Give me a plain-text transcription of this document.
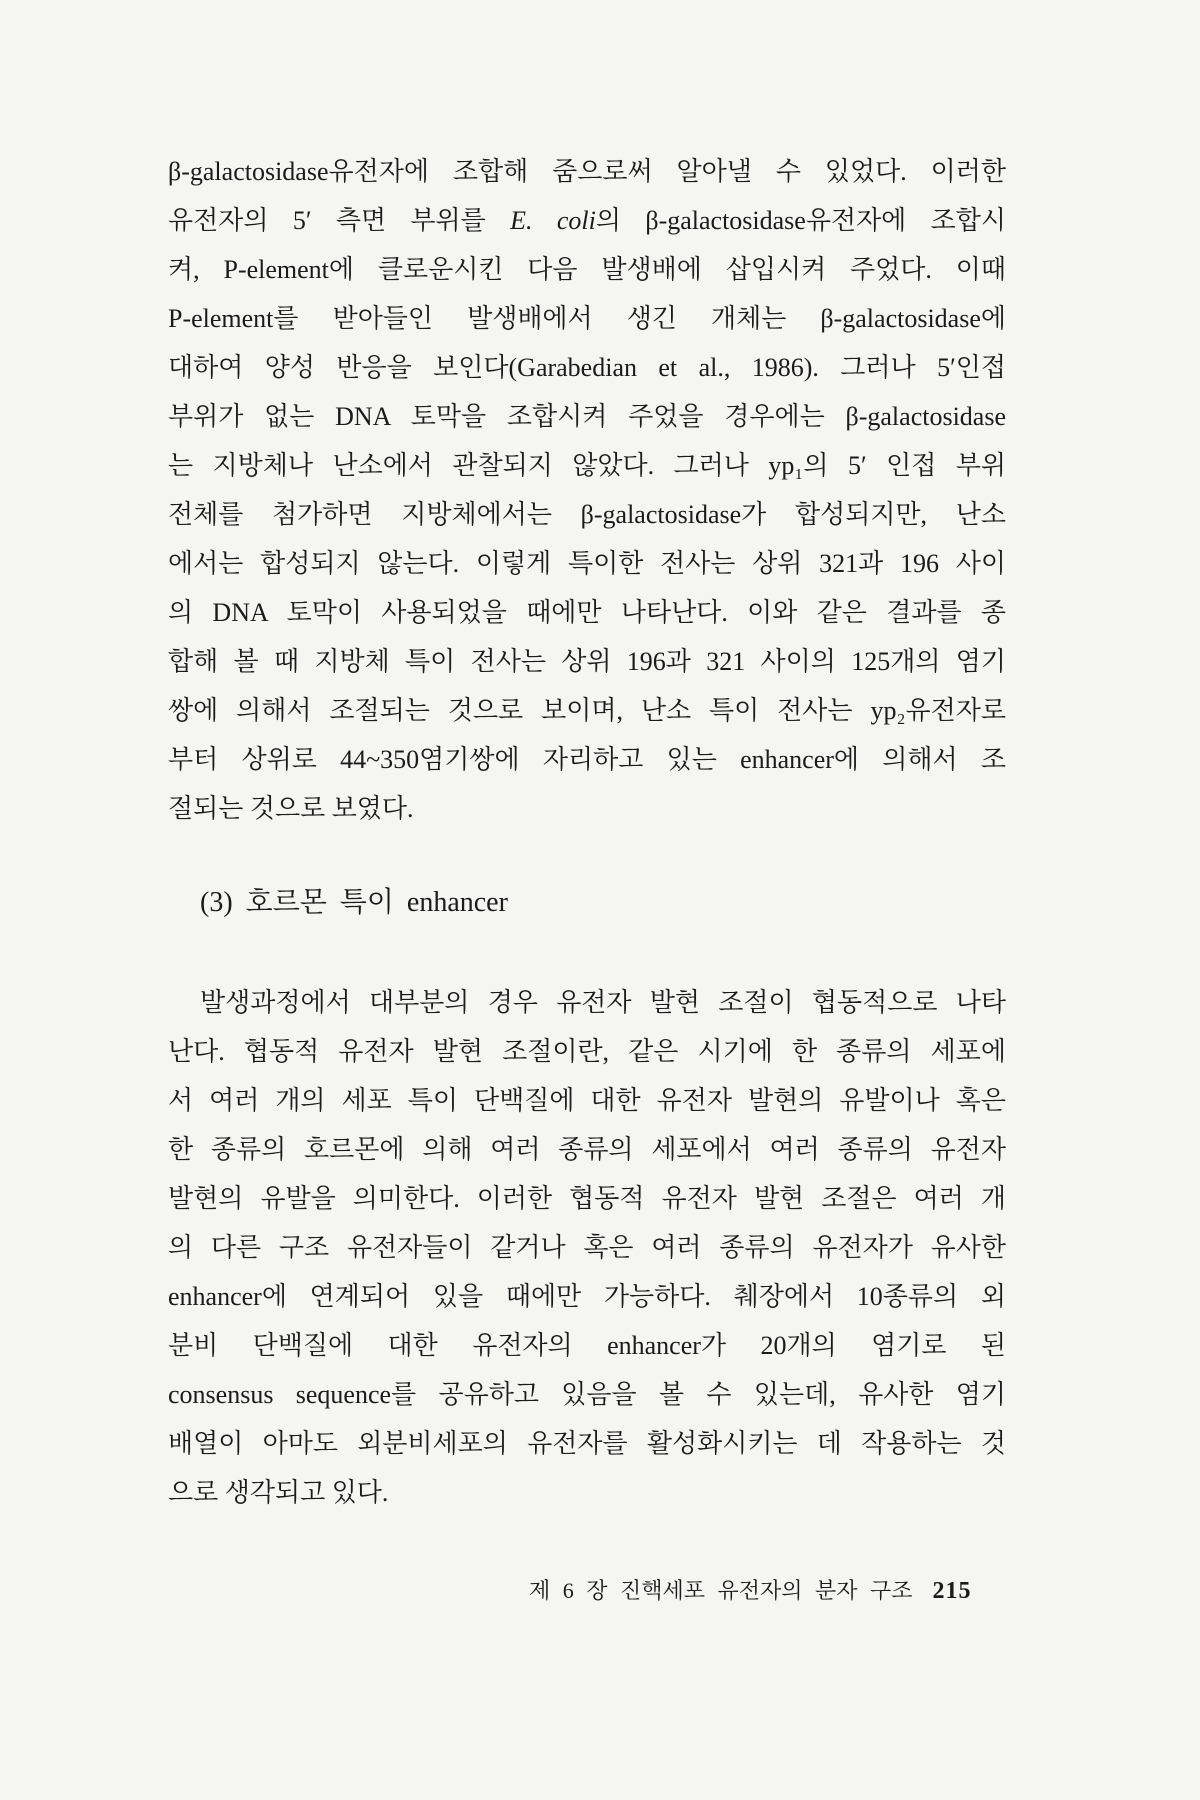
β-galactosidase유전자에 조합해 줌으로써 알아낼 수 있었다. 이러한
유전자의 5′ 측면 부위를 E. coli의 β-galactosidase유전자에 조합시
켜, P-element에 클로운시킨 다음 발생배에 삽입시켜 주었다. 이때
P-element를 받아들인 발생배에서 생긴 개체는 β-galactosidase에
대하여 양성 반응을 보인다(Garabedian et al., 1986). 그러나 5′인접
부위가 없는 DNA 토막을 조합시켜 주었을 경우에는 β-galactosidase
는 지방체나 난소에서 관찰되지 않았다. 그러나 yp₁의 5′ 인접 부위
전체를 첨가하면 지방체에서는 β-galactosidase가 합성되지만, 난소
에서는 합성되지 않는다. 이렇게 특이한 전사는 상위 321과 196 사이
의 DNA 토막이 사용되었을 때에만 나타난다. 이와 같은 결과를 종
합해 볼 때 지방체 특이 전사는 상위 196과 321 사이의 125개의 염기
쌍에 의해서 조절되는 것으로 보이며, 난소 특이 전사는 yp₂유전자로
부터 상위로 44~350염기쌍에 자리하고 있는 enhancer에 의해서 조
절되는 것으로 보였다.
(3) 호르몬 특이 enhancer
발생과정에서 대부분의 경우 유전자 발현 조절이 협동적으로 나타
난다. 협동적 유전자 발현 조절이란, 같은 시기에 한 종류의 세포에
서 여러 개의 세포 특이 단백질에 대한 유전자 발현의 유발이나 혹은
한 종류의 호르몬에 의해 여러 종류의 세포에서 여러 종류의 유전자
발현의 유발을 의미한다. 이러한 협동적 유전자 발현 조절은 여러 개
의 다른 구조 유전자들이 같거나 혹은 여러 종류의 유전자가 유사한
enhancer에 연계되어 있을 때에만 가능하다. 췌장에서 10종류의 외
분비 단백질에 대한 유전자의 enhancer가 20개의 염기로 된
consensus sequence를 공유하고 있음을 볼 수 있는데, 유사한 염기
배열이 아마도 외분비세포의 유전자를 활성화시키는 데 작용하는 것
으로 생각되고 있다.
제 6 장 진핵세포 유전자의 분자 구조 215
